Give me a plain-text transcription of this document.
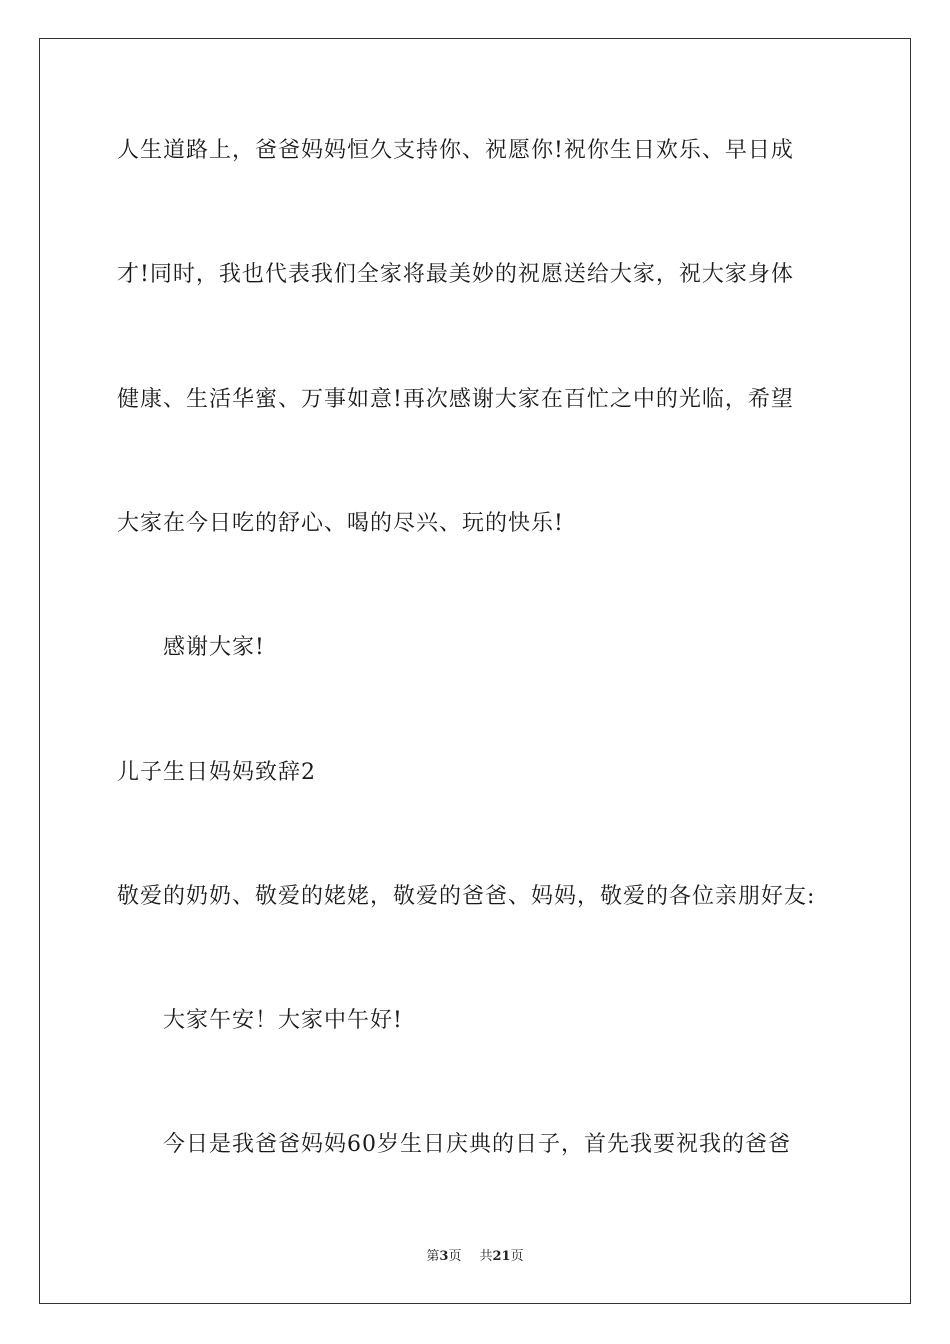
人生道路上，爸爸妈妈恒久支持你、祝愿你!祝你生日欢乐、早日成
才!同时，我也代表我们全家将最美妙的祝愿送给大家，祝大家身体
健康、生活华蜜、万事如意!再次感谢大家在百忙之中的光临，希望
大家在今日吃的舒心、喝的尽兴、玩的快乐!
感谢大家!
儿子生日妈妈致辞2
敬爱的奶奶、敬爱的姥姥，敬爱的爸爸、妈妈，敬爱的各位亲朋好友:
大家午安！大家中午好!
今日是我爸爸妈妈60岁生日庆典的日子，首先我要祝我的爸爸
第3页 共21页
